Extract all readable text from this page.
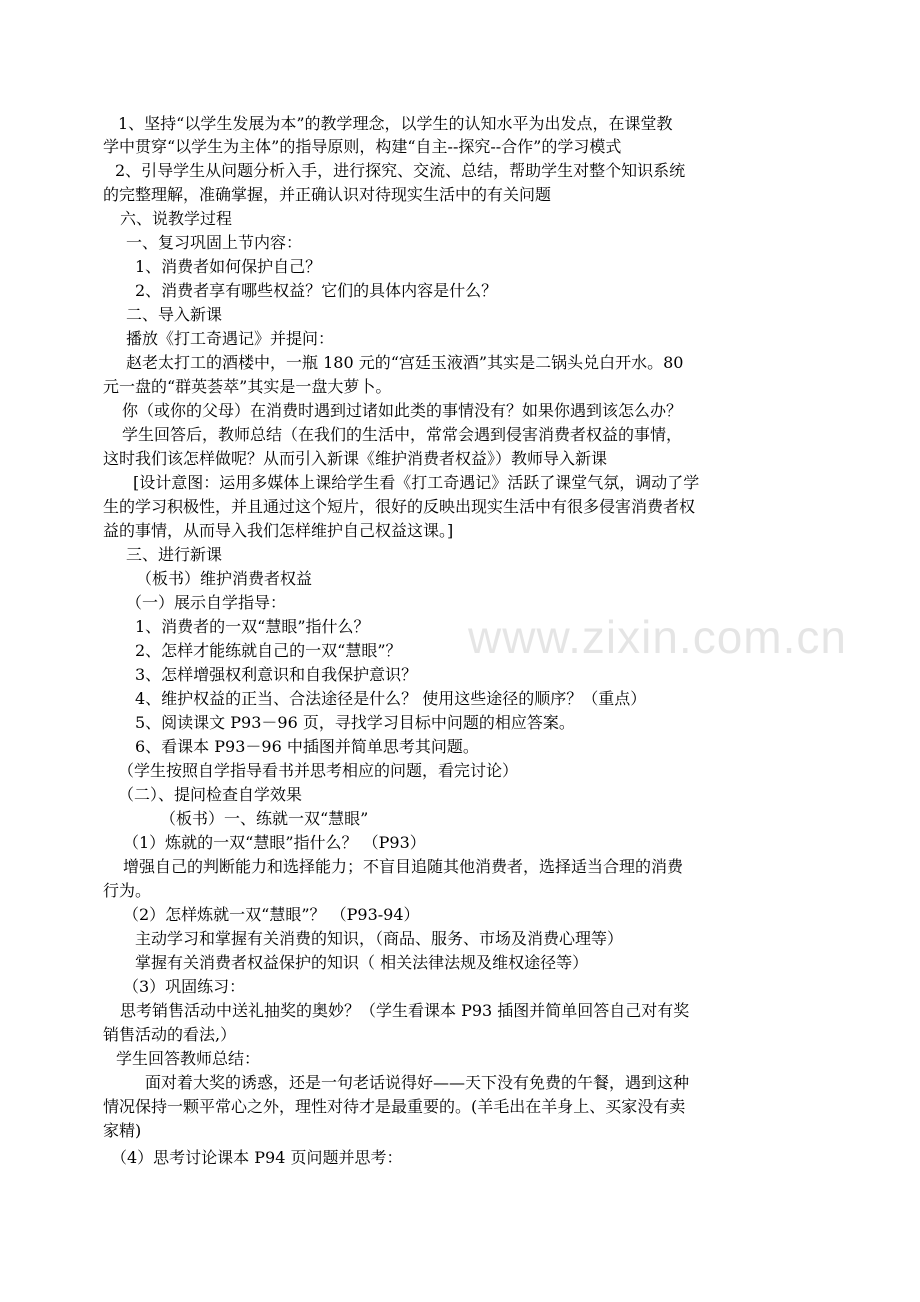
www.zixin.com.cn
1、坚持“以学生发展为本”的教学理念，以学生的认知水平为出发点，在课堂教
学中贯穿“以学生为主体”的指导原则，构建“自主--探究--合作”的学习模式
2、引导学生从问题分析入手，进行探究、交流、总结，帮助学生对整个知识系统
的完整理解，准确掌握，并正确认识对待现实生活中的有关问题
六、说教学过程
一、复习巩固上节内容：
1、消费者如何保护自己？
2、消费者享有哪些权益？它们的具体内容是什么？
二、导入新课
播放《打工奇遇记》并提问：
赵老太打工的酒楼中，一瓶 180 元的“宫廷玉液酒”其实是二锅头兑白开水。80
元一盘的“群英荟萃”其实是一盘大萝卜。
你（或你的父母）在消费时遇到过诸如此类的事情没有？如果你遇到该怎么办？
学生回答后，教师总结（在我们的生活中，常常会遇到侵害消费者权益的事情，
这时我们该怎样做呢？从而引入新课《维护消费者权益》）教师导入新课
[设计意图：运用多媒体上课给学生看《打工奇遇记》活跃了课堂气氛，调动了学
生的学习积极性，并且通过这个短片，很好的反映出现实生活中有很多侵害消费者权
益的事情，从而导入我们怎样维护自己权益这课。]
三、进行新课
（板书）维护消费者权益
（一）展示自学指导：
1、消费者的一双“慧眼”指什么？
2、怎样才能练就自己的一双“慧眼”？
3、怎样增强权利意识和自我保护意识？
4、维护权益的正当、合法途径是什么？ 使用这些途径的顺序？（重点）
5、阅读课文 P93－96 页，寻找学习目标中问题的相应答案。
6、看课本 P93－96 中插图并简单思考其问题。
（学生按照自学指导看书并思考相应的问题，看完讨论）
（二）、提问检查自学效果
（板书）一、练就一双“慧眼”
（1）炼就的一双“慧眼”指什么？ （P93）
增强自己的判断能力和选择能力；不盲目追随其他消费者，选择适当合理的消费
行为。
（2）怎样炼就一双“慧眼”？ （P93-94）
主动学习和掌握有关消费的知识，（商品、服务、市场及消费心理等）
掌握有关消费者权益保护的知识（ 相关法律法规及维权途径等）
（3）巩固练习：
思考销售活动中送礼抽奖的奥妙？（学生看课本 P93 插图并简单回答自己对有奖
销售活动的看法,）
学生回答教师总结：
面对着大奖的诱惑，还是一句老话说得好——天下没有免费的午餐，遇到这种
情况保持一颗平常心之外，理性对待才是最重要的。(羊毛出在羊身上、买家没有卖
家精)
（4）思考讨论课本 P94 页问题并思考：
